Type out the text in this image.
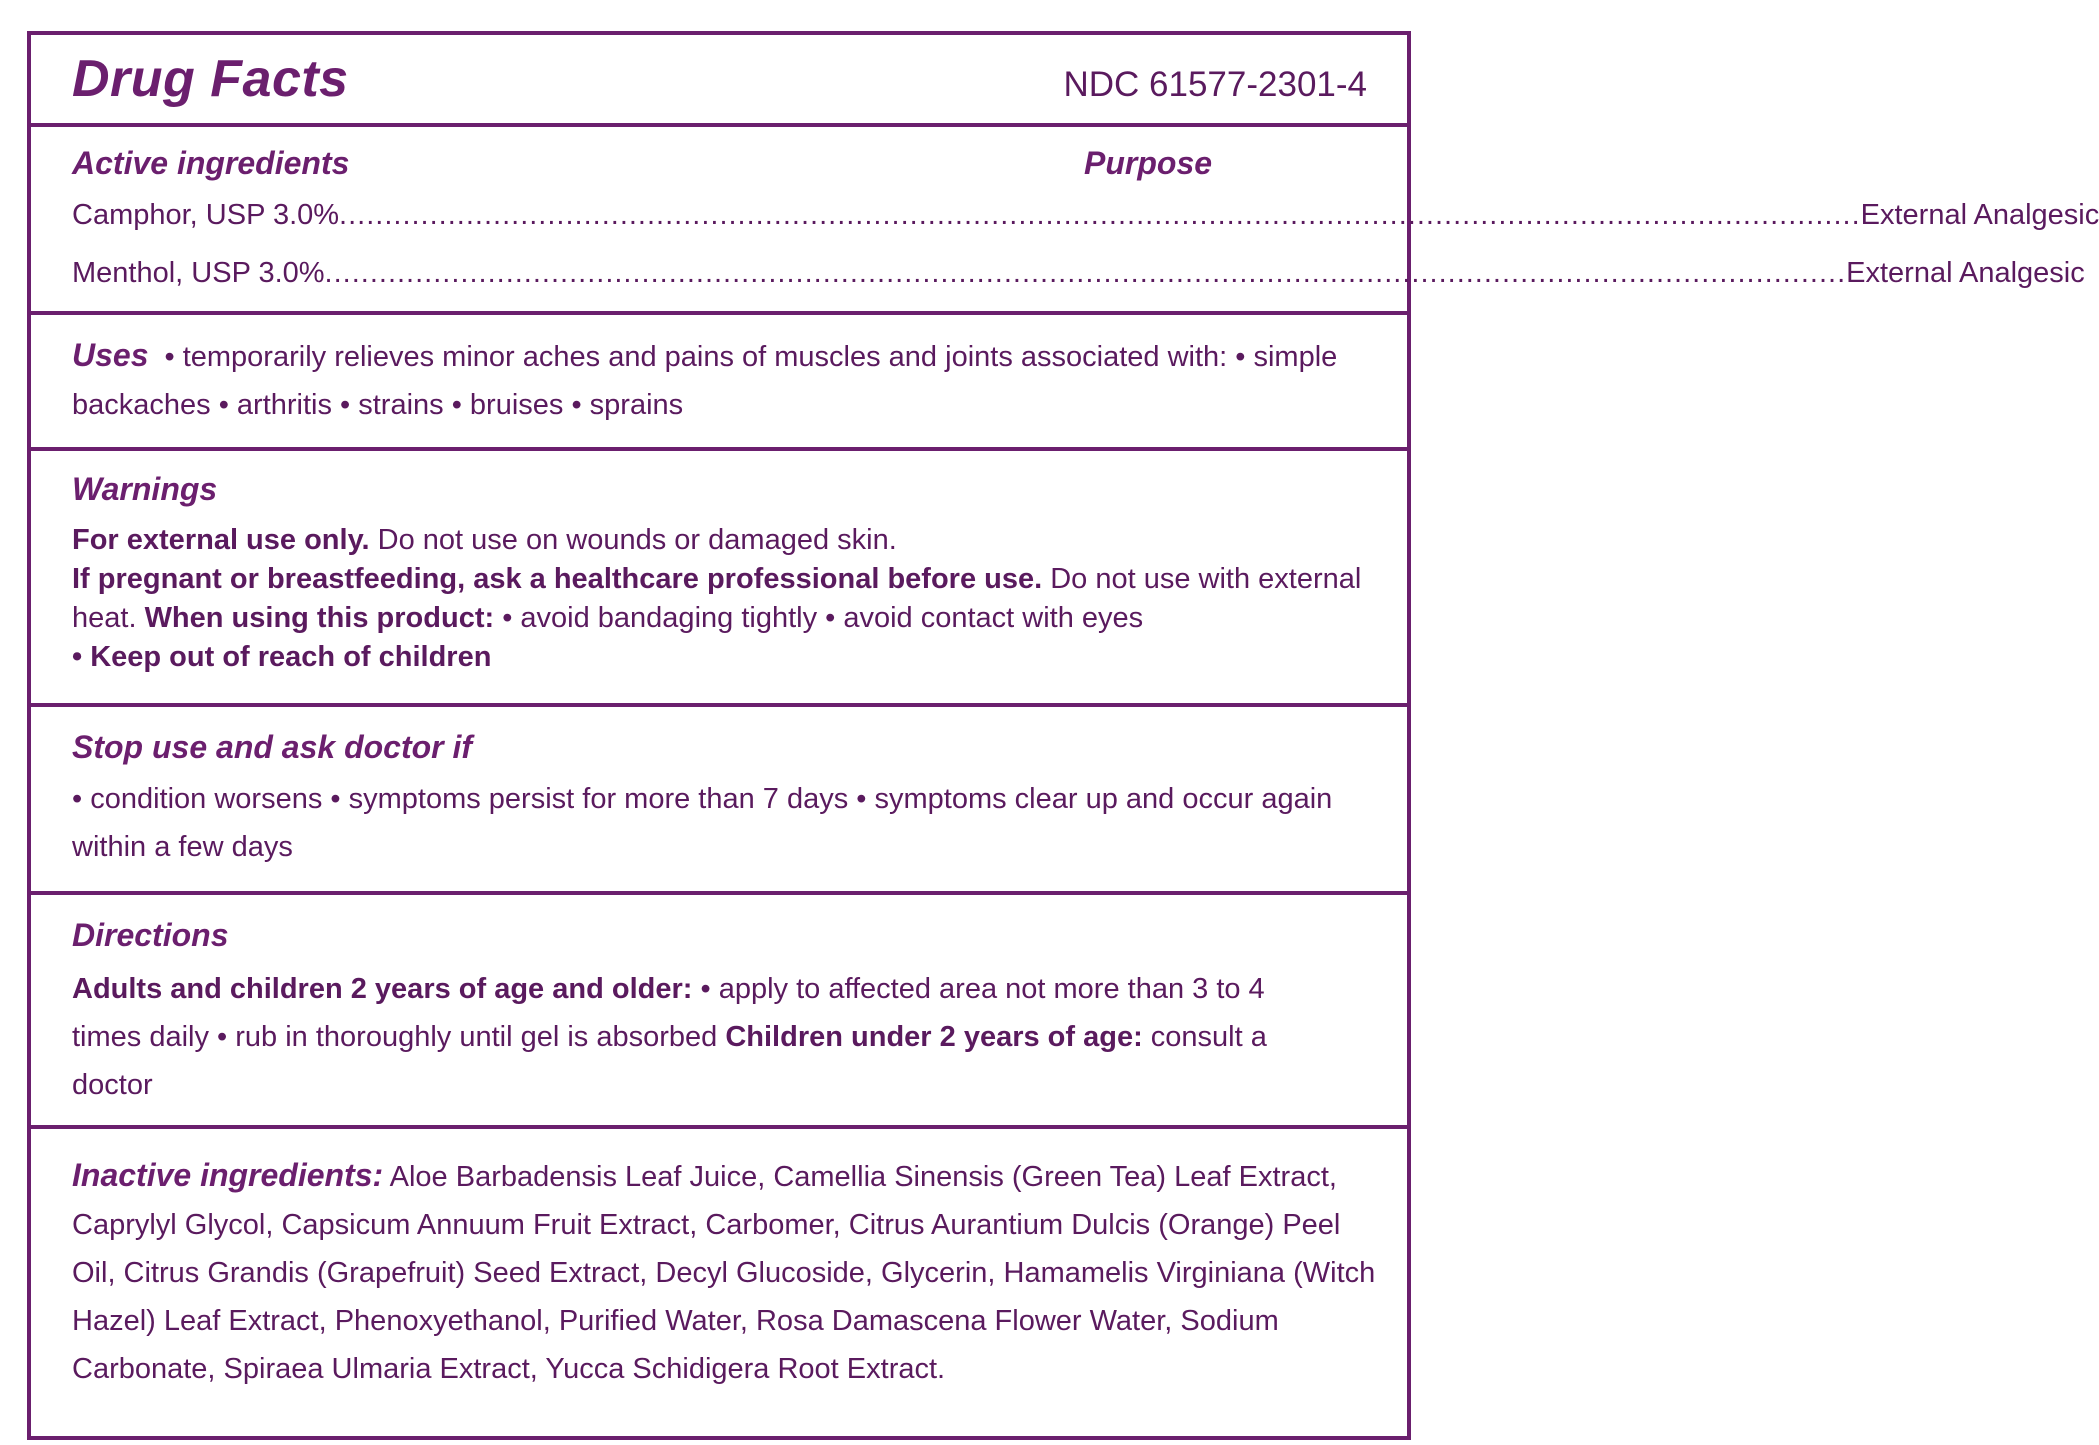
Drug Facts	NDC 61577-2301-4
Active ingredients	Purpose
Camphor, USP 3.0% ........................................................................................................................................................................ External Analgesic
Menthol, USP 3.0% ........................................................................................................................................................................ External Analgesic
Uses • temporarily relieves minor aches and pains of muscles and joints associated with: • simple backaches • arthritis • strains • bruises • sprains
Warnings
For external use only. Do not use on wounds or damaged skin.
If pregnant or breastfeeding, ask a healthcare professional before use. Do not use with external heat. When using this product: • avoid bandaging tightly • avoid contact with eyes
• Keep out of reach of children
Stop use and ask doctor if
• condition worsens • symptoms persist for more than 7 days • symptoms clear up and occur again within a few days
Directions
Adults and children 2 years of age and older: • apply to affected area not more than 3 to 4 times daily • rub in thoroughly until gel is absorbed Children under 2 years of age: consult a doctor
Inactive ingredients: Aloe Barbadensis Leaf Juice, Camellia Sinensis (Green Tea) Leaf Extract, Caprylyl Glycol, Capsicum Annuum Fruit Extract, Carbomer, Citrus Aurantium Dulcis (Orange) Peel Oil, Citrus Grandis (Grapefruit) Seed Extract, Decyl Glucoside, Glycerin, Hamamelis Virginiana (Witch Hazel) Leaf Extract, Phenoxyethanol, Purified Water, Rosa Damascena Flower Water, Sodium Carbonate, Spiraea Ulmaria Extract, Yucca Schidigera Root Extract.
